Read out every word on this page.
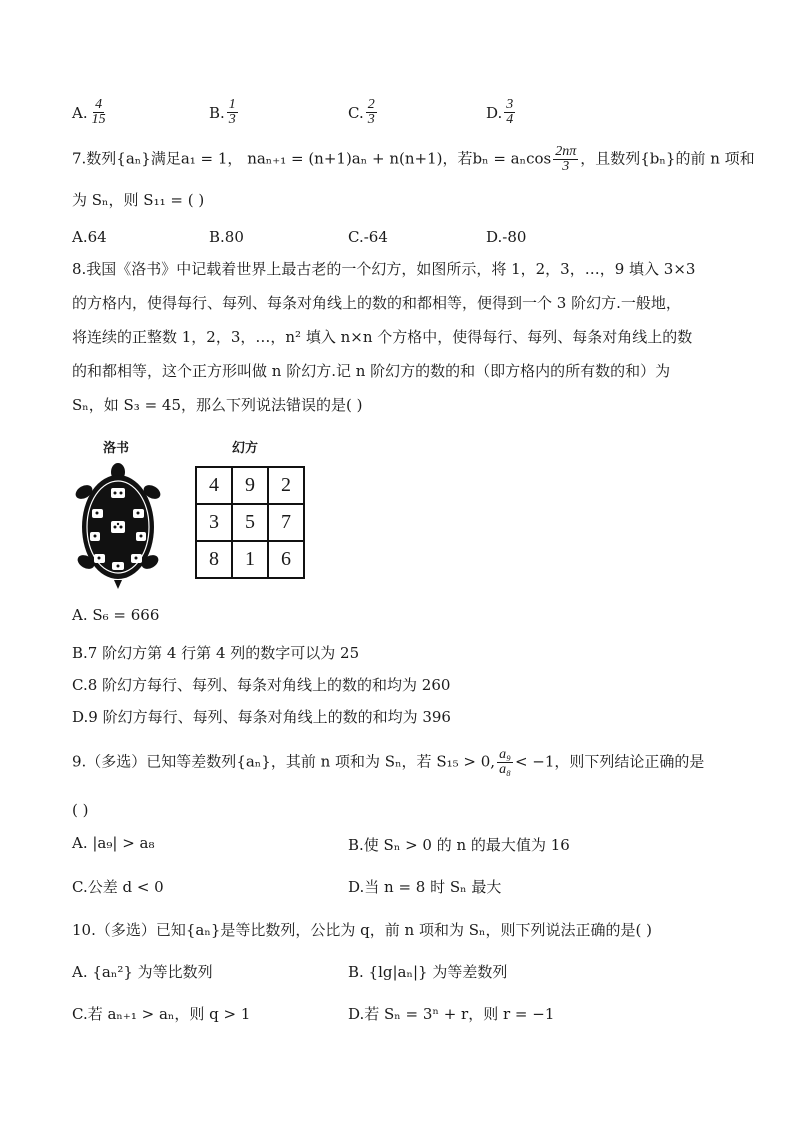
A. $\frac{4}{15}$	B. $\frac{1}{3}$	C. $\frac{2}{3}$	D. $\frac{3}{4}$
7.数列{aₙ}满足a₁ = 1， naₙ₊₁ = (n+1)aₙ + n(n+1)，若bₙ = aₙcos $\frac{2n\pi}{3}$ ，且数列{bₙ}的前 n 项和
为 Sₙ，则 S₁₁ = ( )
A.64	B.80	C.-64	D.-80
8.我国《洛书》中记载着世界上最古老的一个幻方，如图所示，将 1，2，3，…，9 填入 3×3
的方格内，使得每行、每列、每条对角线上的数的和都相等，便得到一个 3 阶幻方.一般地，
将连续的正整数 1，2，3，…，n² 填入 n×n 个方格中，使得每行、每列、每条对角线上的数
的和都相等，这个正方形叫做 n 阶幻方.记 n 阶幻方的数的和（即方格内的所有数的和）为
Sₙ，如 S₃ = 45，那么下列说法错误的是( )
洛书	幻方
4	9	2
3	5	7
8	1	6
A. S₆ = 666
B.7 阶幻方第 4 行第 4 列的数字可以为 25
C.8 阶幻方每行、每列、每条对角线上的数的和均为 260
D.9 阶幻方每行、每列、每条对角线上的数的和均为 396
9.（多选）已知等差数列{aₙ}，其前 n 项和为 Sₙ，若 S₁₅ > 0, $\frac{\text{a₉}}{\text{a₈}} < -1$，则下列结论正确的是
( )
A. |a₉| > a₈	B.使 Sₙ > 0 的 n 的最大值为 16
C.公差 d < 0	D.当 n = 8 时 Sₙ 最大
10.（多选）已知{aₙ}是等比数列，公比为 q，前 n 项和为 Sₙ，则下列说法正确的是( )
A. {aₙ²} 为等比数列	B. {lg|aₙ|} 为等差数列
C.若 aₙ₊₁ > aₙ，则 q > 1	D.若 Sₙ = 3ⁿ + r，则 r = −1
